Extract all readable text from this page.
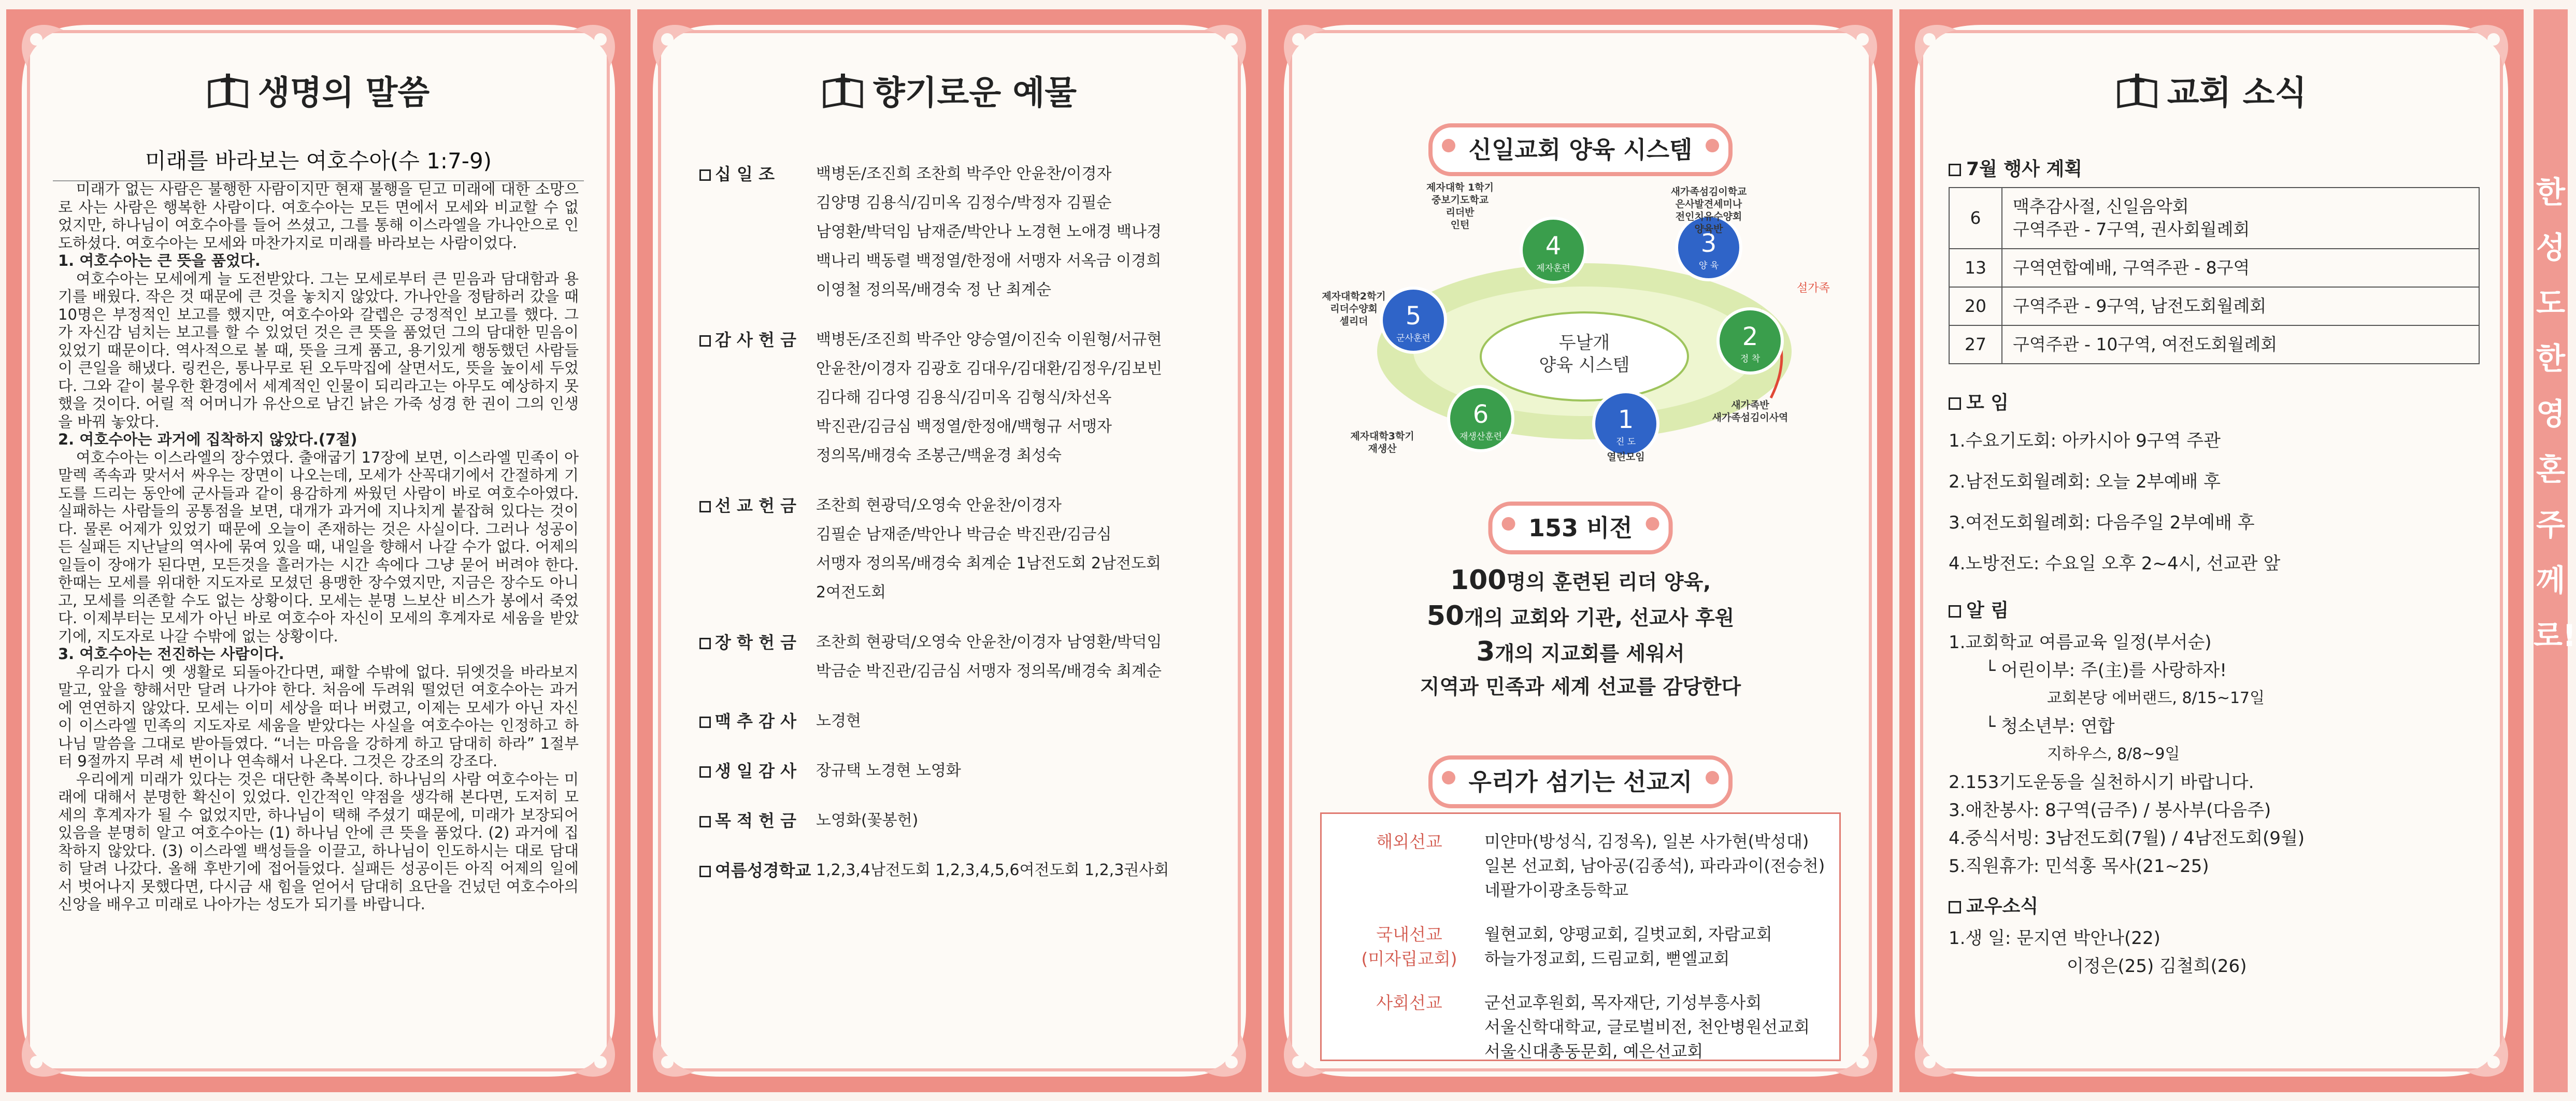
생명의 말씀
미래를 바라보는 여호수아(수 1:7-9)

미래가 없는 사람은 불행한 사람이지만 현재 불행을 딛고 미래에 대한 소망으로 사는 사람은 행복한 사람이다. 여호수아는 모든 면에서 모세와 비교할 수 없었지만, 하나님이 여호수아를 들어 쓰셨고, 그를 통해 이스라엘을 가나안으로 인도하셨다. 여호수아는 모세와 마찬가지로 미래를 바라보는 사람이었다.

1. 여호수아는 큰 뜻을 품었다.

여호수아는 모세에게 늘 도전받았다. 그는 모세로부터 큰 믿음과 담대함과 용기를 배웠다. 작은 것 때문에 큰 것을 놓치지 않았다. 가나안을 정탐하러 갔을 때 10명은 부정적인 보고를 했지만, 여호수아와 갈렙은 긍정적인 보고를 했다. 그가 자신감 넘치는 보고를 할 수 있었던 것은 큰 뜻을 품었던 그의 담대한 믿음이 있었기 때문이다. 역사적으로 볼 때, 뜻을 크게 품고, 용기있게 행동했던 사람들이 큰일을 해냈다. 링컨은, 통나무로 된 오두막집에 살면서도, 뜻을 높이세 두었다. 그와 같이 불우한 환경에서 세계적인 인물이 되리라고는 아무도 예상하지 못했을 것이다. 어릴 적 어머니가 유산으로 남긴 낡은 가죽 성경 한 권이 그의 인생을 바꿔 놓았다.

2. 여호수아는 과거에 집착하지 않았다.(7절)

여호수아는 이스라엘의 장수였다. 출애굽기 17장에 보면, 이스라엘 민족이 아말렉 족속과 맞서서 싸우는 장면이 나오는데, 모세가 산꼭대기에서 간절하게 기도를 드리는 동안에 군사들과 같이 용감하게 싸웠던 사람이 바로 여호수아였다. 실패하는 사람들의 공통점을 보면, 대개가 과거에 지나치게 붙잡혀 있다는 것이다. 물론 어제가 있었기 때문에 오늘이 존재하는 것은 사실이다. 그러나 성공이든 실패든 지난날의 역사에 묶여 있을 때, 내일을 향해서 나갈 수가 없다. 어제의 일들이 장애가 된다면, 모든것을 흘러가는 시간 속에다 그냥 묻어 버려야 한다. 한때는 모세를 위대한 지도자로 모셨던 용맹한 장수였지만, 지금은 장수도 아니고, 모세를 의존할 수도 없는 상황이다. 모세는 분명 느보산 비스가 봉에서 죽었다. 이제부터는 모세가 아닌 바로 여호수아 자신이 모세의 후계자로 세움을 받았기에, 지도자로 나갈 수밖에 없는 상황이다.

3. 여호수아는 전진하는 사람이다.

우리가 다시 옛 생활로 되돌아간다면, 패할 수밖에 없다. 뒤엣것을 바라보지 말고, 앞을 향해서만 달려 나가야 한다. 처음에 두려워 떨었던 여호수아는 과거에 연연하지 않았다. 모세는 이미 세상을 떠나 버렸고, 이제는 모세가 아닌 자신이 이스라엘 민족의 지도자로 세움을 받았다는 사실을 여호수아는 인정하고 하나님 말씀을 그대로 받아들였다. “너는 마음을 강하게 하고 담대히 하라” 1절부터 9절까지 무려 세 번이나 연속해서 나온다. 그것은 강조의 강조다.

우리에게 미래가 있다는 것은 대단한 축복이다. 하나님의 사람 여호수아는 미래에 대해서 분명한 확신이 있었다. 인간적인 약점을 생각해 본다면, 도저히 모세의 후계자가 될 수 없었지만, 하나님이 택해 주셨기 때문에, 미래가 보장되어 있음을 분명히 알고 여호수아는 (1) 하나님 안에 큰 뜻을 품었다. (2) 과거에 집착하지 않았다. (3) 이스라엘 백성들을 이끌고, 하나님이 인도하시는 대로 담대히 달려 나갔다. 올해 후반기에 접어들었다. 실패든 성공이든 아직 어제의 일에서 벗어나지 못했다면, 다시금 새 힘을 얻어서 담대히 요단을 건넜던 여호수아의 신앙을 배우고 미래로 나아가는 성도가 되기를 바랍니다.

향기로운 예물
십 일 조	백병돈/조진희 조찬희 박주안 안윤찬/이경자
김양명 김용식/김미옥 김정수/박정자 김필순
남영환/박덕임 남재준/박안나 노경현 노애경 백나경
백나리 백동렬 백정열/한정애 서맹자 서옥금 이경희
이영철 정의목/배경숙 정 난 최계순
감 사 헌 금	백병돈/조진희 박주안 양승열/이진숙 이원형/서규현
안윤찬/이경자 김광호 김대우/김대환/김정우/김보빈
김다해 김다영 김용식/김미옥 김형식/차선옥
박진관/김금심 백정열/한정애/백형규 서맹자
정의목/배경숙 조봉근/백윤경 최성숙
선 교 헌 금	조찬희 현광덕/오영숙 안윤찬/이경자
김필순 남재준/박안나 박금순 박진관/김금심
서맹자 정의목/배경숙 최계순 1남전도회 2남전도회
2여전도회
장 학 헌 금	조찬희 현광덕/오영숙 안윤찬/이경자 남영환/박덕임
박금순 박진관/김금심 서맹자 정의목/배경숙 최계순
맥 추 감 사	노경현
생 일 감 사	장규택 노경현 노영화
목 적 헌 금	노영화(꽃봉헌)
여름성경학교 1,2,3,4남전도회 1,2,3,4,5,6여전도회 1,2,3권사회
신일교회 양육 시스템
두날개
양육 시스템
설가족
1
진 도
열린모임
2
정 착
새가족반
새가족섬김이사역
3
양 육
새가족섬김이학교
은사발견세미나
전인치유수양회
양육반
4
제자훈련
제자대학 1학기
중보기도학교
리더반
인턴
5
군사훈련
제자대학2학기
리더수양회
셀리더
6
재생산훈련
제자대학3학기
재생산
153 비전
100명의 훈련된 리더 양육,
50개의 교회와 기관, 선교사 후원
3개의 지교회를 세워서
지역과 민족과 세계 선교를 감당한다
우리가 섬기는 선교지
해외선교	미얀마(방성식, 김정옥), 일본 사가현(박성대)
일본 선교회, 남아공(김종석), 파라과이(전승천)
네팔가이광초등학교
국내선교
(미자립교회)
월현교회, 양평교회, 길벗교회, 자람교회
하늘가정교회, 드림교회, 뻗엘교회
사회선교	군선교후원회, 목자재단, 기성부흥사회
서울신학대학교, 글로벌비전, 천안병원선교회
서울신대총동문회, 예은선교회
교회 소식
7월 행사 계획
6	맥추감사절, 신일음악회
구역주관 - 7구역, 권사회월례회

13	구역연합예배, 구역주관 - 8구역

20	구역주관 - 9구역, 남전도회월례회

27	구역주관 - 10구역, 여전도회월례회
모 임
1.수요기도회: 아카시아 9구역 주관
2.남전도회월례회: 오늘 2부예배 후
3.여전도회월례회: 다음주일 2부예배 후
4.노방전도: 수요일 오후 2~4시, 선교관 앞
알 림
1.교회학교 여름교육 일정(부서순)
└ 어린이부: 주(主)를 사랑하자!
교회본당 에버랜드, 8/15~17일
└ 청소년부: 연합
지하우스, 8/8~9일
2.153기도운동을 실천하시기 바랍니다.
3.애찬봉사: 8구역(금주) / 봉사부(다음주)
4.중식서빙: 3남전도회(7월) / 4남전도회(9월)
5.직원휴가: 민석홍 목사(21~25)
교우소식
1.생 일: 문지연 박안나(22)
이정은(25) 김철희(26)
한성도한영혼주께로!
